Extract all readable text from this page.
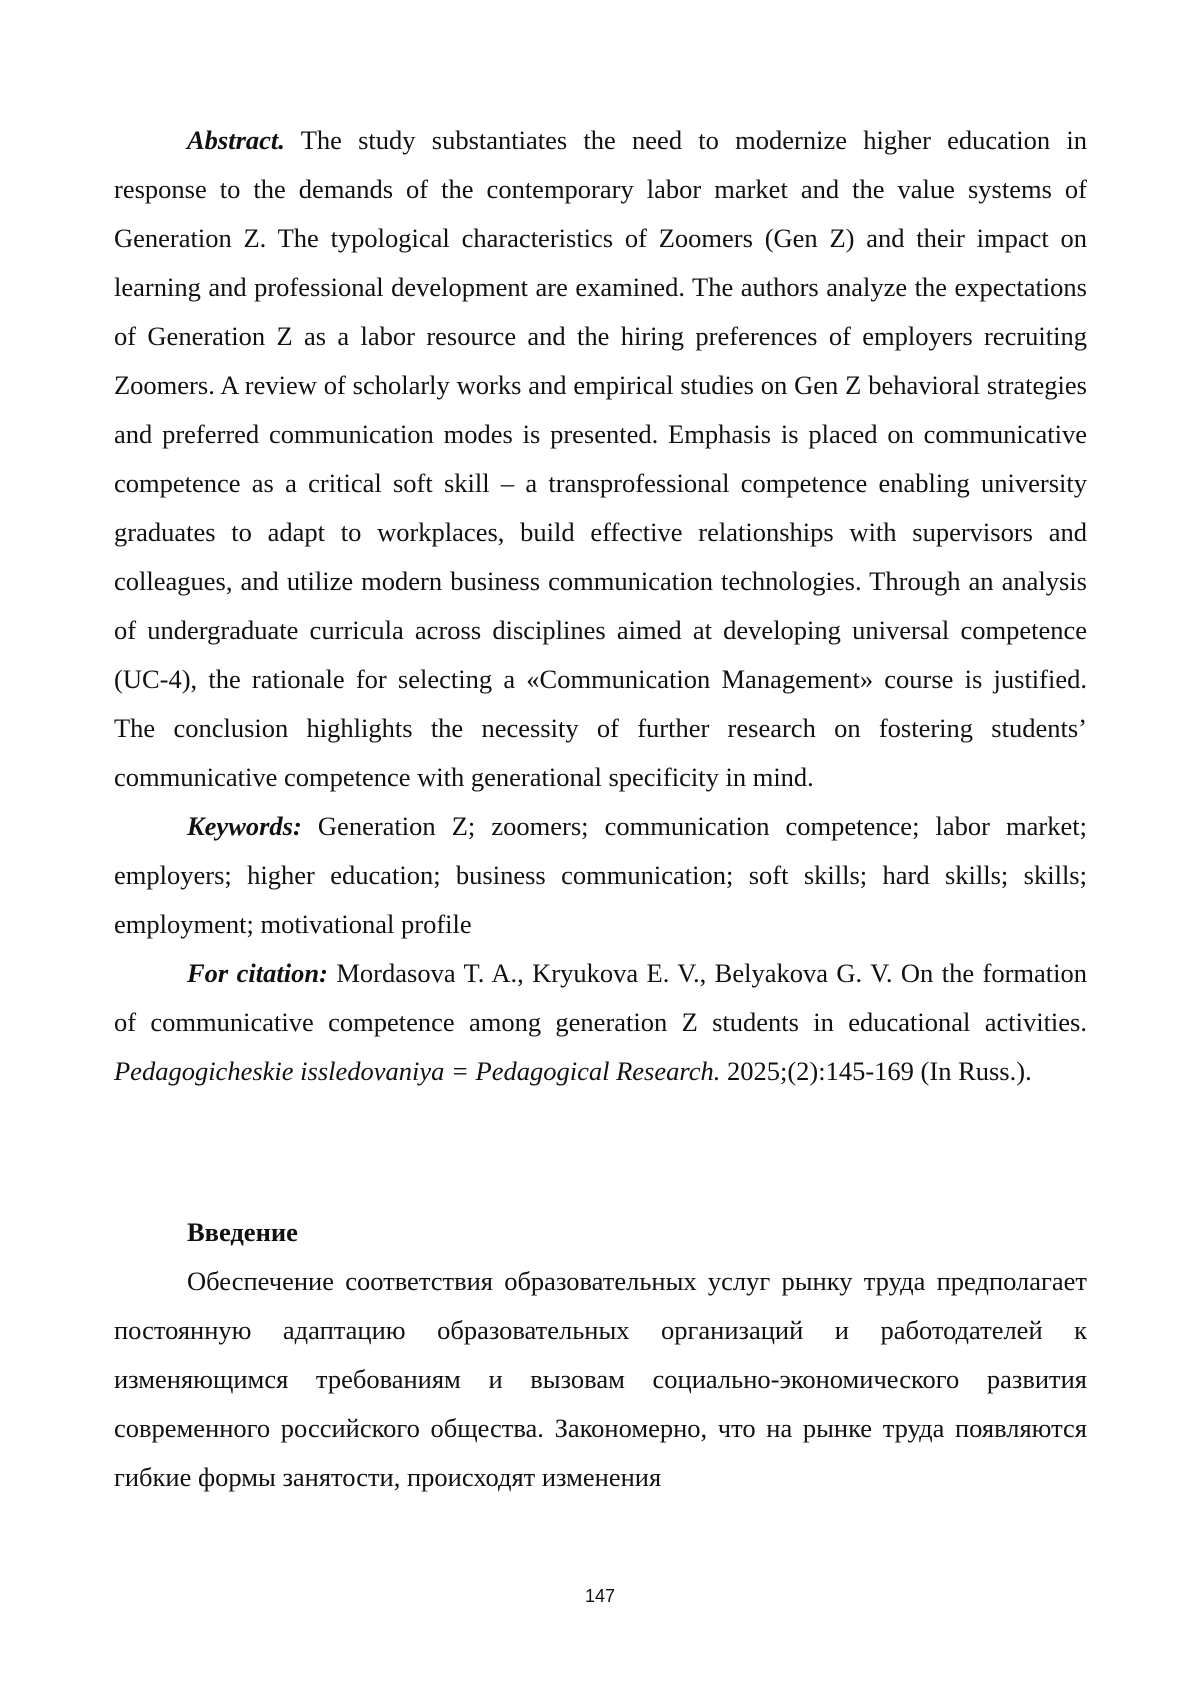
Abstract. The study substantiates the need to modernize higher education in response to the demands of the contemporary labor market and the value systems of Generation Z. The typological characteristics of Zoomers (Gen Z) and their impact on learning and professional development are examined. The authors analyze the expectations of Generation Z as a labor resource and the hiring preferences of employers recruiting Zoomers. A review of scholarly works and empirical studies on Gen Z behavioral strategies and preferred communication modes is presented. Emphasis is placed on communicative competence as a critical soft skill – a transprofessional competence enabling university graduates to adapt to workplaces, build effective relationships with supervisors and colleagues, and utilize modern business communication technologies. Through an analysis of undergraduate curricula across disciplines aimed at developing universal competence (UC-4), the rationale for selecting a «Communication Management» course is justified. The conclusion highlights the necessity of further research on fostering students’ communicative competence with generational specificity in mind.

Keywords: Generation Z; zoomers; communication competence; labor market; employers; higher education; business communication; soft skills; hard skills; skills; employment; motivational profile

For citation: Mordasova T. A., Kryukova E. V., Belyakova G. V. On the formation of communicative competence among generation Z students in educational activities. Pedagogicheskie issledovaniya = Pedagogical Research. 2025;(2):145-169 (In Russ.).

Введение

Обеспечение соответствия образовательных услуг рынку труда предполагает постоянную адаптацию образовательных организаций и работодателей к изменяющимся требованиям и вызовам социально-экономического развития современного российского общества. Закономерно, что на рынке труда появляются гибкие формы занятости, происходят изменения

147
